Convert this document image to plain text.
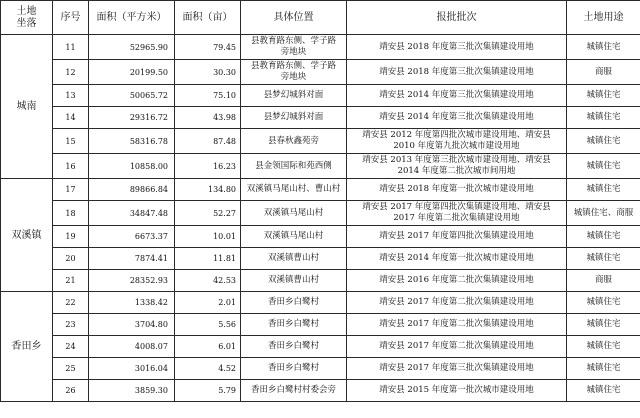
土地
坐落	序号	面积（平方米）	面积（亩）	具体位置	报批批次	土地用途
城南	11	52965.90	79.45	县教育路东侧、学子路
旁地块	靖安县 2018 年度第三批次集镇建设用地	城镇住宅
	12	20199.50	30.30	县教育路东侧、学子路
旁地块	靖安县 2018 年度第三批次集镇建设用地	商服
	13	50065.72	75.10	县梦幻城斜对面	靖安县 2014 年度第三批次集镇建设用地	城镇住宅
	14	29316.72	43.98	县梦幻城斜对面	靖安县 2014 年度第三批次集镇建设用地	城镇住宅
	15	58316.78	87.48	县春秋鑫苑旁	靖安县 2012 年度第四批次城市建设用地、靖安县
2010 年度第九批次城市建设用地	城镇住宅
	16	10858.00	16.23	县金领国际和苑西侧	靖安县 2013 年度第三批次城市建设用地、靖安县
2014 年度第二批次城市间用地	城镇住宅
双溪镇	17	89866.84	134.80	双溪镇马尾山村、曹山村	靖安县 2018 年度第一批次城市建设用地	城镇住宅
	18	34847.48	52.27	双溪镇马尾山村	靖安县 2017 年度第四批次集镇建设用地、靖安县
2017 年度第二批次集镇建设用地	城镇住宅、商服
	19	6673.37	10.01	双溪镇马尾山村	靖安县 2017 年度第四批次集镇建设用地	城镇住宅
	20	7874.41	11.81	双溪镇曹山村	靖安县 2014 年度第一批次城市建设用地	城镇住宅
	21	28352.93	42.53	双溪镇曹山村	靖安县 2016 年度第二批次集镇建设用地	商服
香田乡	22	1338.42	2.01	香田乡白鹭村	靖安县 2017 年度第二批次集镇建设用地	城镇住宅
	23	3704.80	5.56	香田乡白鹭村	靖安县 2017 年度第二批次集镇建设用地	城镇住宅
	24	4008.07	6.01	香田乡白鹭村	靖安县 2017 年度第二批次集镇建设用地	城镇住宅
	25	3016.04	4.52	香田乡白鹭村	靖安县 2017 年度第三批次集镇建设用地	城镇住宅
	26	3859.30	5.79	香田乡白鹭村村委会旁	靖安县 2015 年度第一批次城市建设用地	城镇住宅
